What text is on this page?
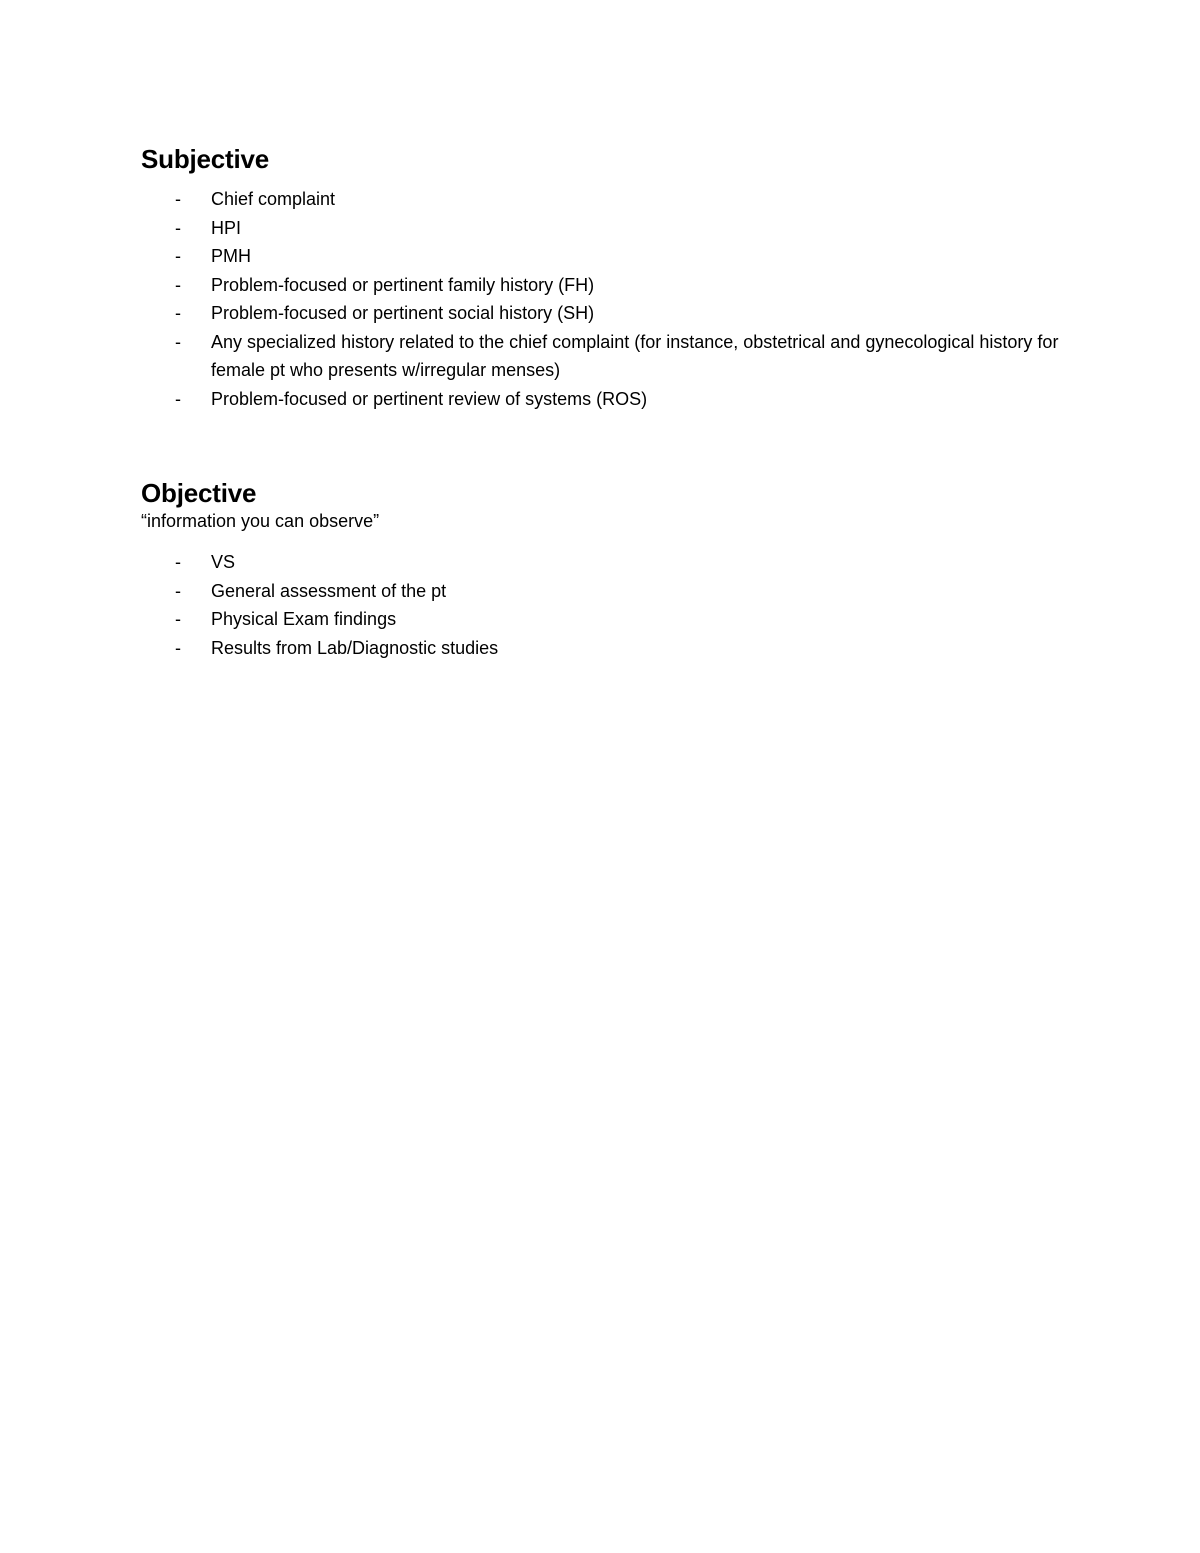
Subjective
- Chief complaint
- HPI
- PMH
- Problem-focused or pertinent family history (FH)
- Problem-focused or pertinent social history (SH)
- Any specialized history related to the chief complaint (for instance, obstetrical and gynecological history for female pt who presents w/irregular menses)
- Problem-focused or pertinent review of systems (ROS)
Objective

“information you can observe”

- VS
- General assessment of the pt
- Physical Exam findings
- Results from Lab/Diagnostic studies
